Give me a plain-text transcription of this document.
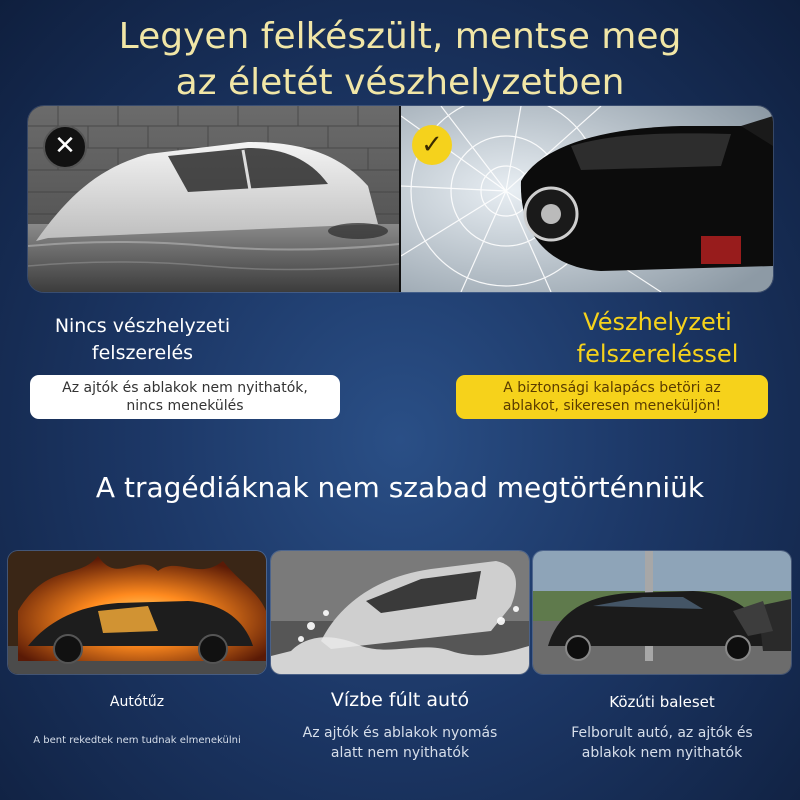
Legyen felkészült, mentse meg
az életét vészhelyzetben
✕	✓
Nincs vészhelyzeti
felszerelés
Az ajtók és ablakok nem nyithatók,
nincs menekülés
Vészhelyzeti
felszereléssel
A biztonsági kalapács betöri az
ablakot, sikeresen meneküljön!
A tragédiáknak nem szabad megtörténniük
Autótűz	Vízbe fúlt autó	Közúti baleset
A bent rekedtek nem tudnak elmenekülni	Az ajtók és ablakok nyomás
alatt nem nyithatók
Felborult autó, az ajtók és
ablakok nem nyithatók
